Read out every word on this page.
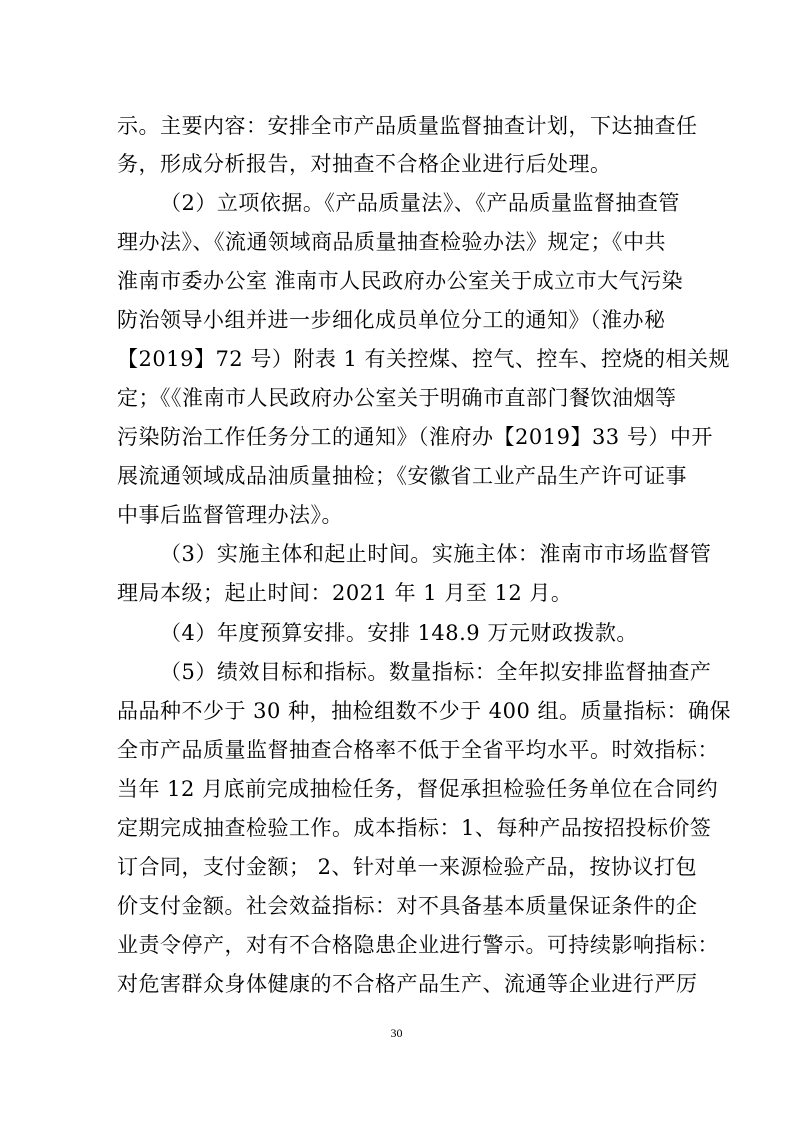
示。主要内容：安排全市产品质量监督抽查计划，下达抽查任
务，形成分析报告，对抽查不合格企业进行后处理。
（2）立项依据。《产品质量法》、《产品质量监督抽查管
理办法》、《流通领域商品质量抽查检验办法》规定；《中共
淮南市委办公室 淮南市人民政府办公室关于成立市大气污染
防治领导小组并进一步细化成员单位分工的通知》（淮办秘
【2019】72 号）附表 1 有关控煤、控气、控车、控烧的相关规
定；《《淮南市人民政府办公室关于明确市直部门餐饮油烟等
污染防治工作任务分工的通知》（淮府办【2019】33 号）中开
展流通领域成品油质量抽检；《安徽省工业产品生产许可证事
中事后监督管理办法》。
（3）实施主体和起止时间。实施主体：淮南市市场监督管
理局本级；起止时间：2021 年 1 月至 12 月。
（4）年度预算安排。安排 148.9 万元财政拨款。
（5）绩效目标和指标。数量指标：全年拟安排监督抽查产
品品种不少于 30 种，抽检组数不少于 400 组。质量指标：确保
全市产品质量监督抽查合格率不低于全省平均水平。时效指标：
当年 12 月底前完成抽检任务，督促承担检验任务单位在合同约
定期完成抽查检验工作。成本指标：1、每种产品按招投标价签
订合同，支付金额； 2、针对单一来源检验产品，按协议打包
价支付金额。社会效益指标：对不具备基本质量保证条件的企
业责令停产，对有不合格隐患企业进行警示。可持续影响指标：
对危害群众身体健康的不合格产品生产、流通等企业进行严厉
30
